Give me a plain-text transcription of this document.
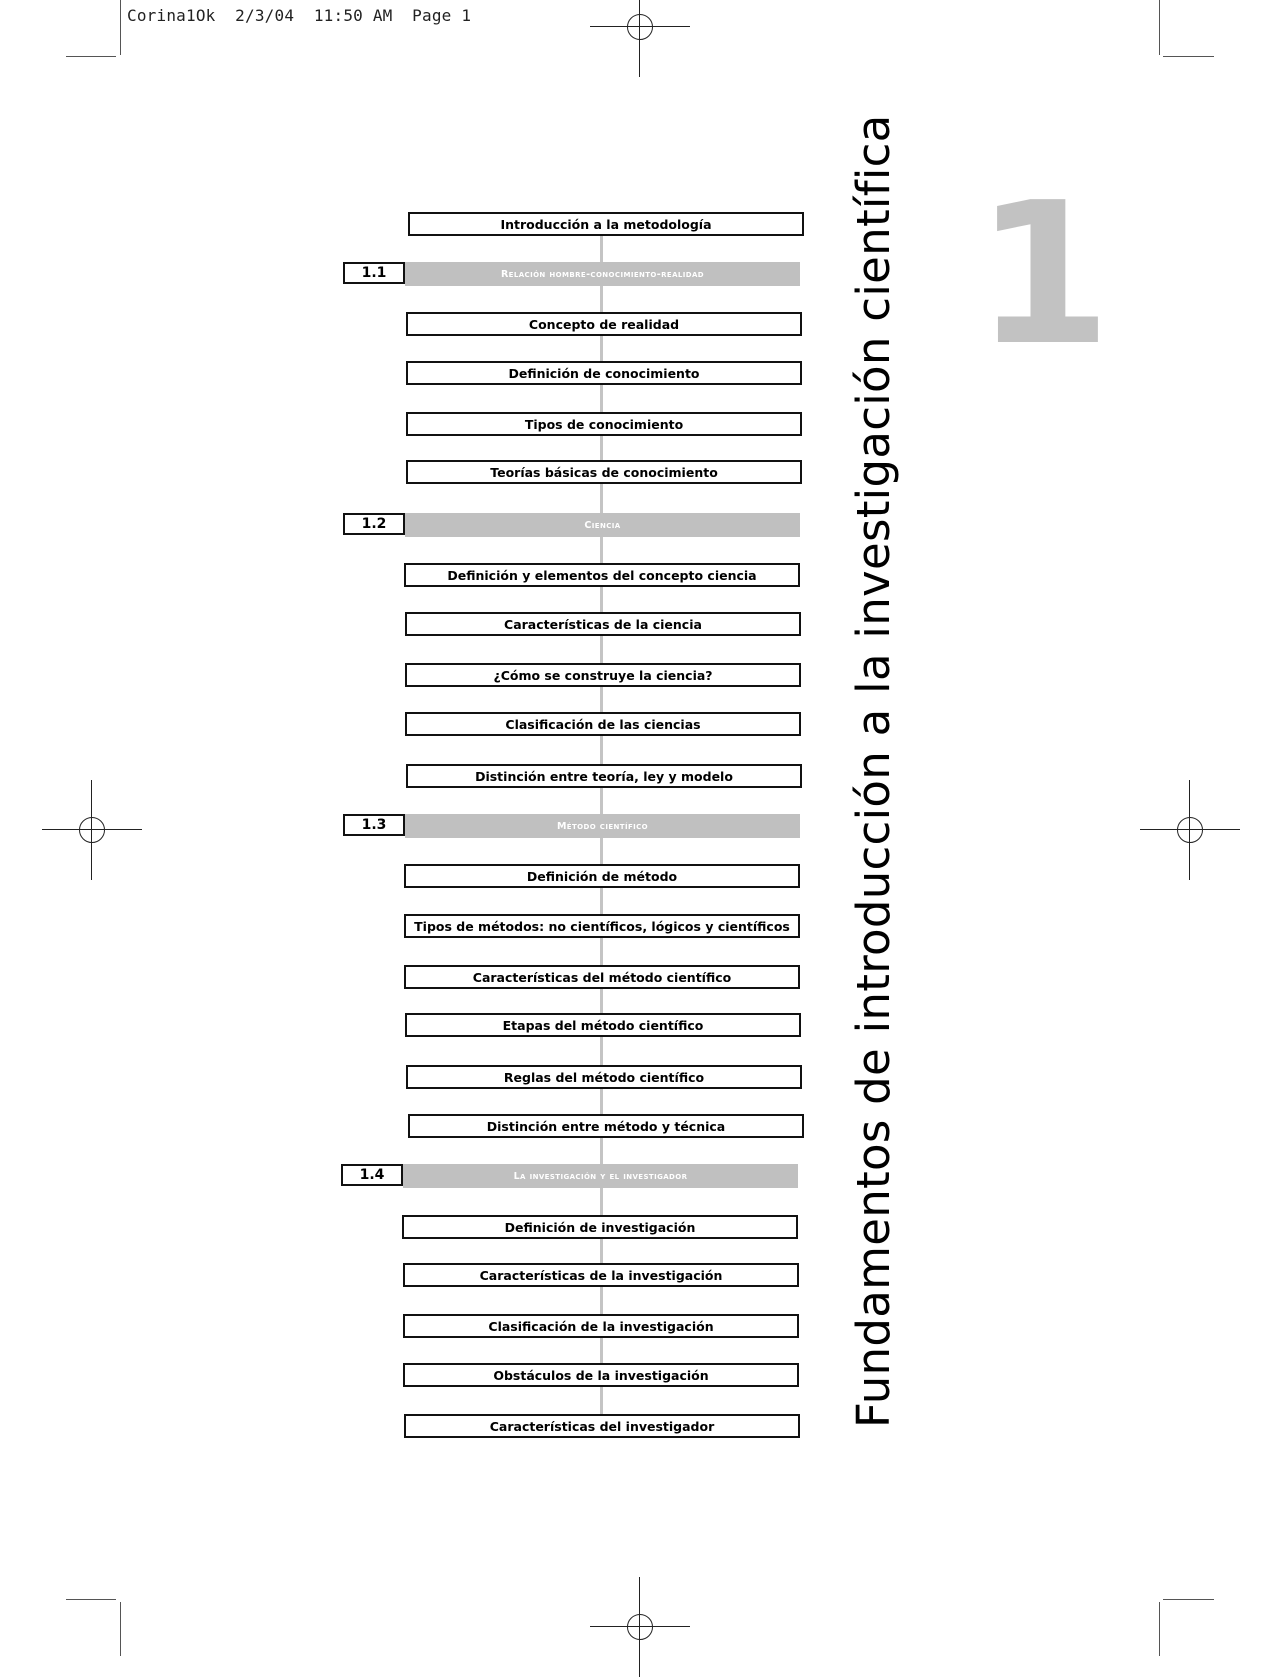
Corina1Ok  2/3/04  11:50 AM  Page 1
1
Fundamentos de introducción a la investigación científica
Introducción a la metodología
1.1	Relación hombre-conocimiento-realidad
Concepto de realidad
Definición de conocimiento
Tipos de conocimiento
Teorías básicas de conocimiento
1.2	Ciencia
Definición y elementos del concepto ciencia
Características de la ciencia
¿Cómo se construye la ciencia?
Clasificación de las ciencias
Distinción entre teoría, ley y modelo
1.3	Método científico
Definición de método
Tipos de métodos: no científicos, lógicos y científicos
Características del método científico
Etapas del método científico
Reglas del método científico
Distinción entre método y técnica
1.4	La investigación y el investigador
Definición de investigación
Características de la investigación
Clasificación de la investigación
Obstáculos de la investigación
Características del investigador
